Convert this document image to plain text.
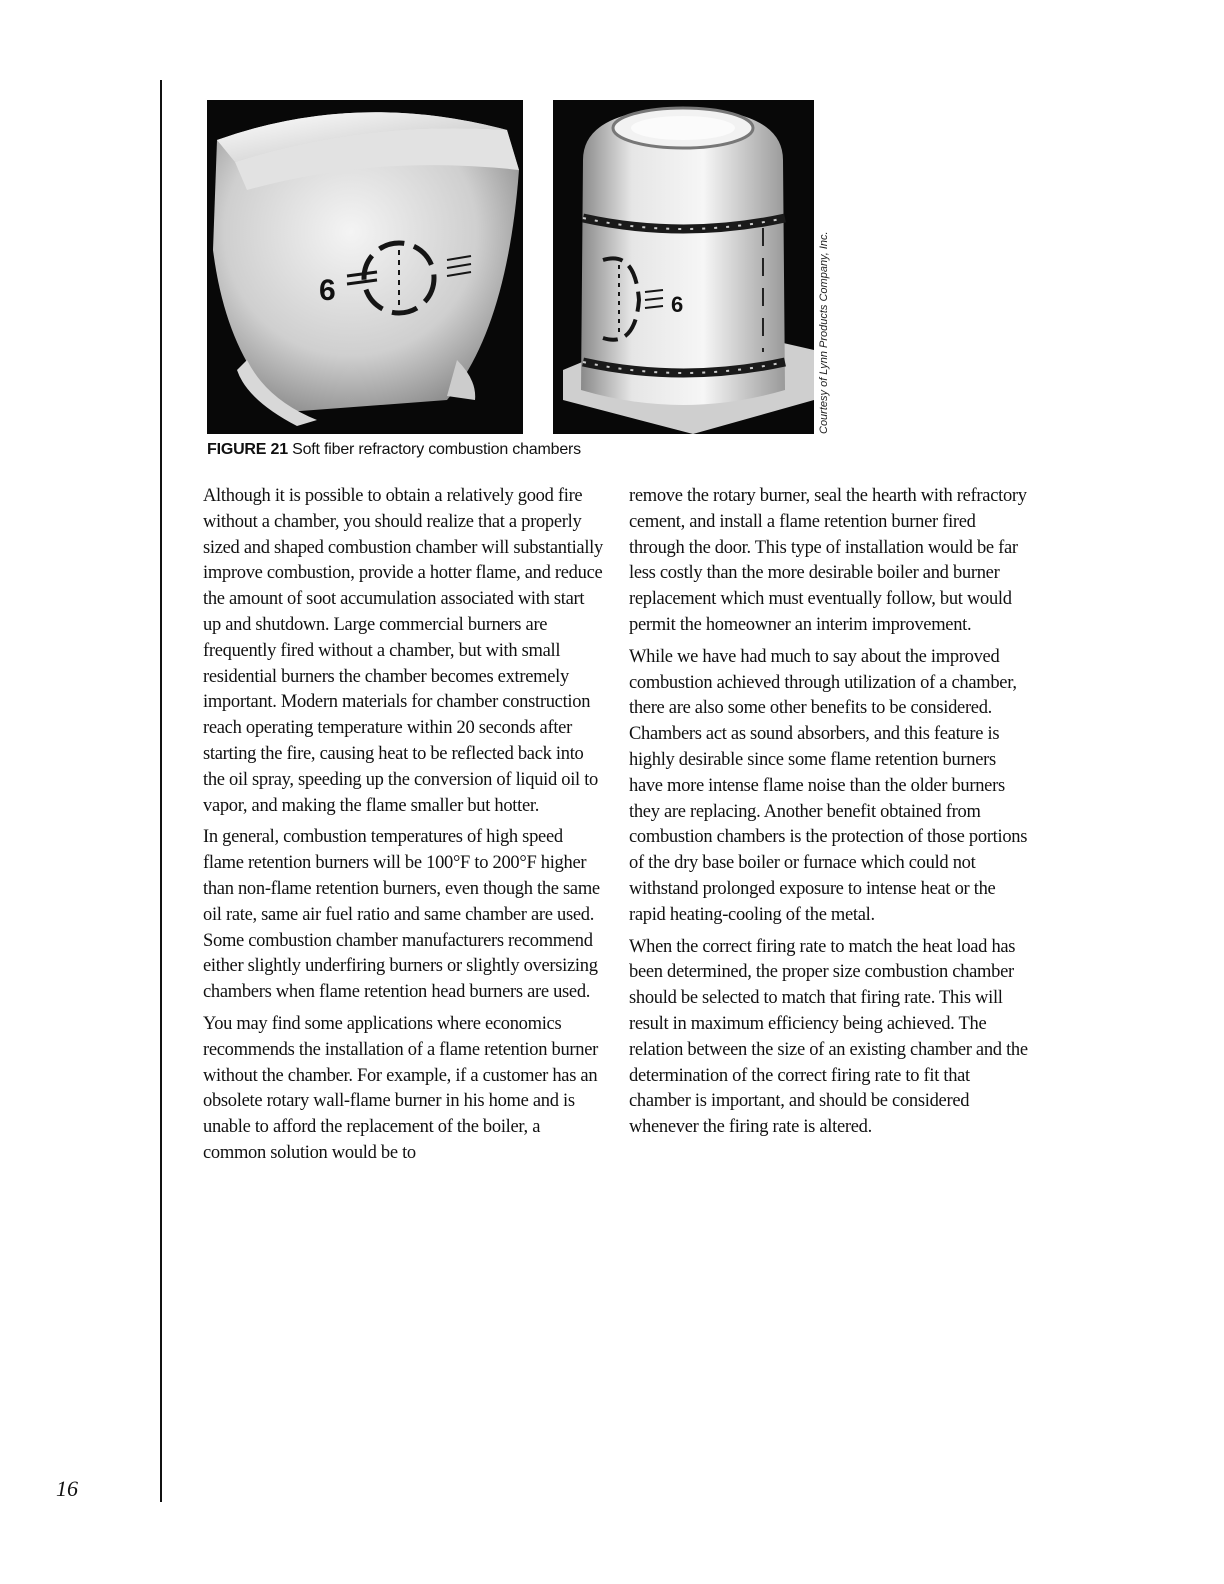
6	6	Courtesy of Lynn Products Company, Inc.
FIGURE 21 Soft fiber refractory combustion chambers

Although it is possible to obtain a relatively good fire without a chamber, you should realize that a properly sized and shaped combustion chamber will substantially improve combustion, provide a hotter flame, and reduce the amount of soot accumulation associated with start up and shutdown. Large commercial burners are frequently fired without a chamber, but with small residential burners the chamber becomes extremely important. Modern materials for chamber construction reach operating temperature within 20 seconds after starting the fire, causing heat to be reflected back into the oil spray, speeding up the conversion of liquid oil to vapor, and making the flame smaller but hotter.

In general, combustion temperatures of high speed flame retention burners will be 100°F to 200°F higher than non-flame retention burners, even though the same oil rate, same air fuel ratio and same chamber are used. Some combustion chamber manufacturers recommend either slightly underfiring burners or slightly oversizing chambers when flame retention head burners are used.

You may find some applications where economics recommends the installation of a flame retention burner without the chamber. For example, if a customer has an obsolete rotary wall-flame burner in his home and is unable to afford the replacement of the boiler, a common solution would be to

remove the rotary burner, seal the hearth with refractory cement, and install a flame retention burner fired through the door. This type of installation would be far less costly than the more desirable boiler and burner replacement which must eventually follow, but would permit the homeowner an interim improvement.

While we have had much to say about the improved combustion achieved through utilization of a chamber, there are also some other benefits to be considered. Chambers act as sound absorbers, and this feature is highly desirable since some flame retention burners have more intense flame noise than the older burners they are replacing. Another benefit obtained from combustion chambers is the protection of those portions of the dry base boiler or furnace which could not withstand prolonged exposure to intense heat or the rapid heating-cooling of the metal.

When the correct firing rate to match the heat load has been determined, the proper size combustion chamber should be selected to match that firing rate. This will result in maximum efficiency being achieved. The relation between the size of an existing chamber and the determination of the correct firing rate to fit that chamber is important, and should be considered whenever the firing rate is altered.

16
